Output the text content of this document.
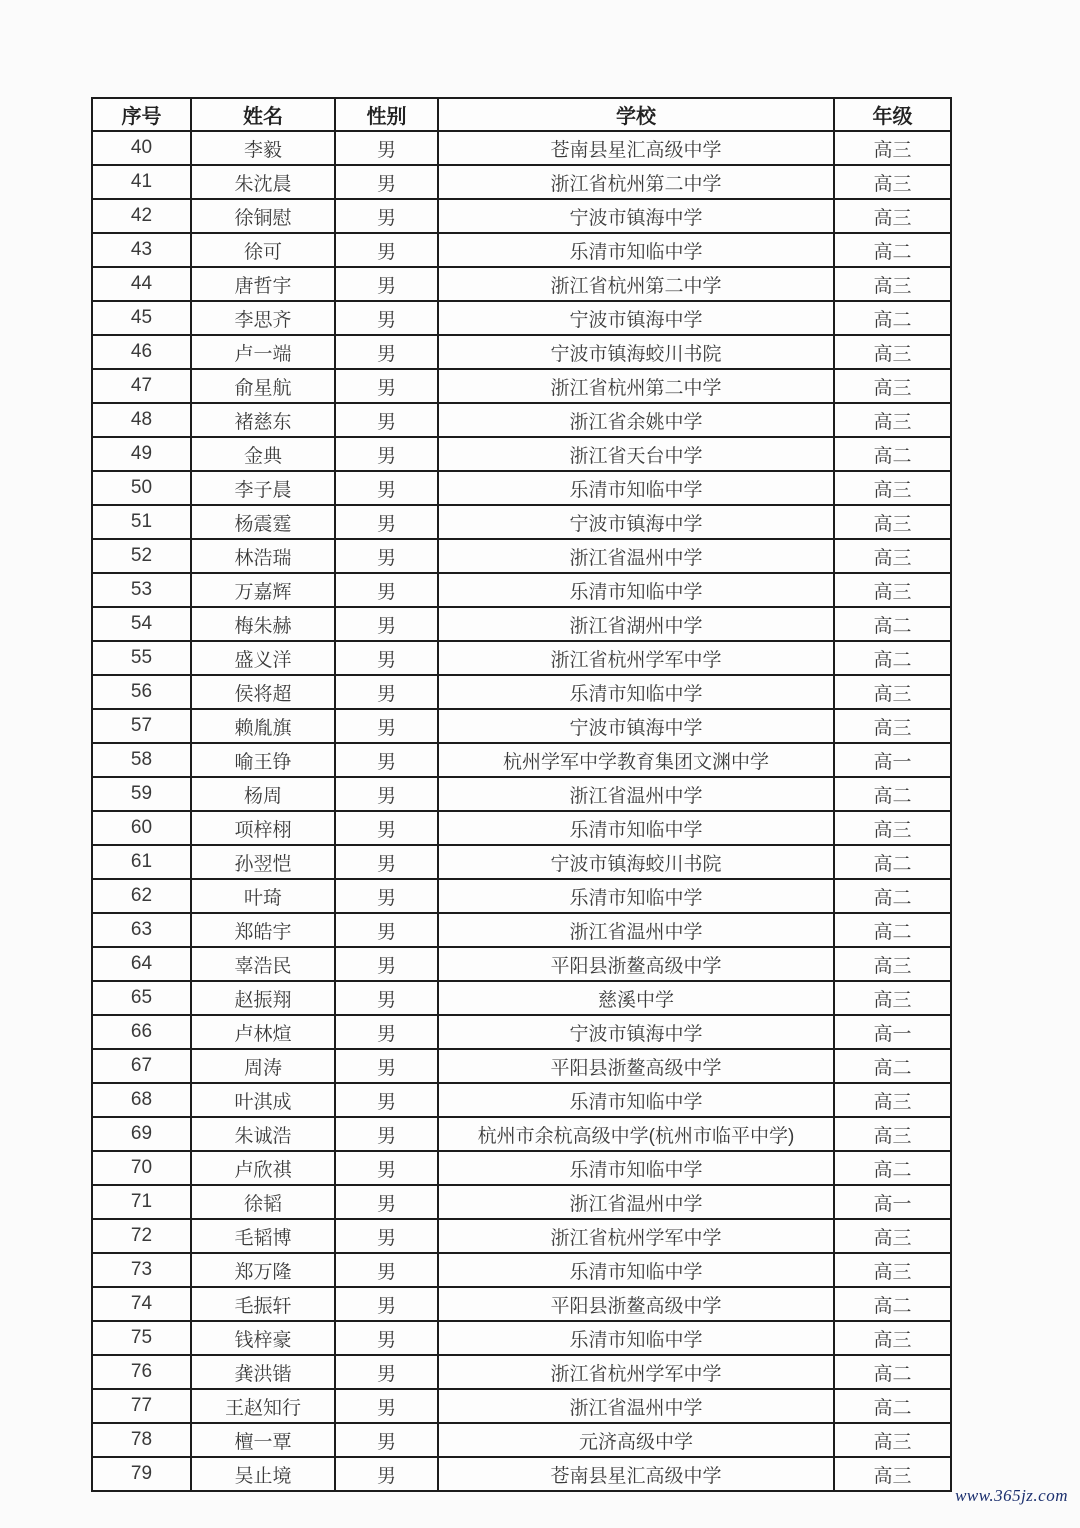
序号	姓名	性别	学校	年级
40	李毅	男	苍南县星汇高级中学	高三
41	朱沈晨	男	浙江省杭州第二中学	高三
42	徐铜慰	男	宁波市镇海中学	高三
43	徐可	男	乐清市知临中学	高二
44	唐哲宇	男	浙江省杭州第二中学	高三
45	李思齐	男	宁波市镇海中学	高二
46	卢一端	男	宁波市镇海蛟川书院	高三
47	俞星航	男	浙江省杭州第二中学	高三
48	褚慈东	男	浙江省余姚中学	高三
49	金典	男	浙江省天台中学	高二
50	李子晨	男	乐清市知临中学	高三
51	杨震霆	男	宁波市镇海中学	高三
52	林浩瑞	男	浙江省温州中学	高三
53	万嘉辉	男	乐清市知临中学	高三
54	梅朱赫	男	浙江省湖州中学	高二
55	盛义洋	男	浙江省杭州学军中学	高二
56	侯将超	男	乐清市知临中学	高三
57	赖胤旗	男	宁波市镇海中学	高三
58	喻王铮	男	杭州学军中学教育集团文渊中学	高一
59	杨周	男	浙江省温州中学	高二
60	项梓栩	男	乐清市知临中学	高三
61	孙翌恺	男	宁波市镇海蛟川书院	高二
62	叶琦	男	乐清市知临中学	高二
63	郑皓宇	男	浙江省温州中学	高二
64	辜浩民	男	平阳县浙鳌高级中学	高三
65	赵振翔	男	慈溪中学	高三
66	卢林煊	男	宁波市镇海中学	高一
67	周涛	男	平阳县浙鳌高级中学	高二
68	叶淇成	男	乐清市知临中学	高三
69	朱诚浩	男	杭州市余杭高级中学(杭州市临平中学)	高三
70	卢欣祺	男	乐清市知临中学	高二
71	徐韬	男	浙江省温州中学	高一
72	毛韬博	男	浙江省杭州学军中学	高三
73	郑万隆	男	乐清市知临中学	高三
74	毛振轩	男	平阳县浙鳌高级中学	高二
75	钱梓豪	男	乐清市知临中学	高三
76	龚洪锴	男	浙江省杭州学军中学	高二
77	王赵知行	男	浙江省温州中学	高二
78	檀一覃	男	元济高级中学	高三
79	吴止境	男	苍南县星汇高级中学	高三
www.365jz.com
